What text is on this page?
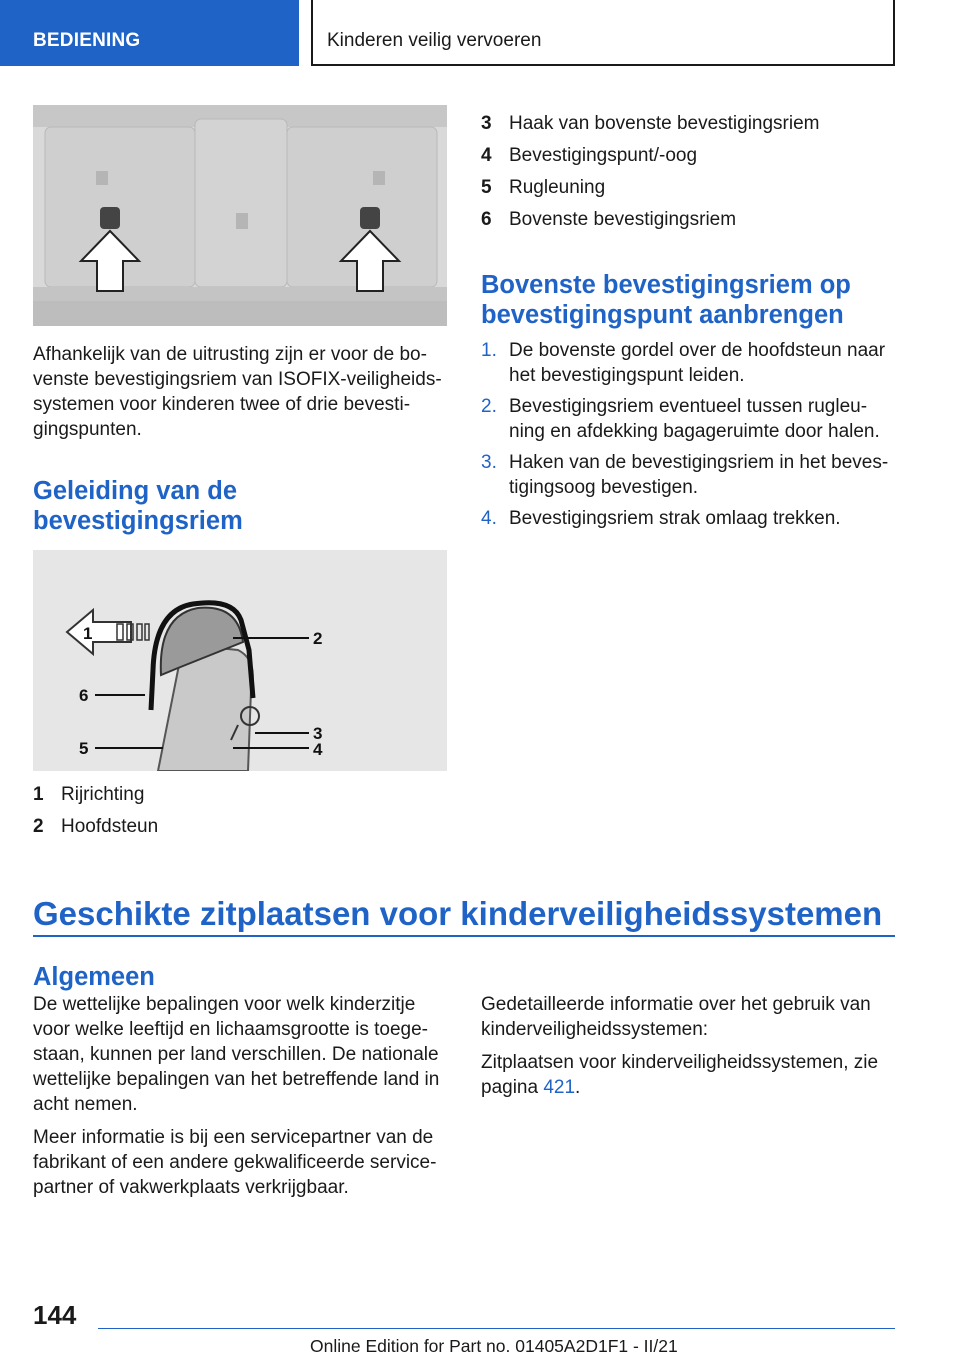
BEDIENING	Kinderen veilig vervoeren

Afhankelijk van de uitrusting zijn er voor de bovenste bevestigingsriem van ISOFIX-veiligheidssystemen voor kinderen twee of drie bevestigingspunten.

Geleiding van de bevestigingsriem
1	2
6
3
5	4
1 Rijrichting
2 Hoofdsteun
3 Haak van bovenste bevestigingsriem
4 Bevestigingspunt/-oog
5 Rugleuning
6 Bovenste bevestigingsriem
Bovenste bevestigingsriem op bevestigingspunt aanbrengen
1. De bovenste gordel over de hoofdsteun naar het bevestigingspunt leiden.
2. Bevestigingsriem eventueel tussen rugleuning en afdekking bagageruimte door halen.
3. Haken van de bevestigingsriem in het bevestigingsoog bevestigen.
4. Bevestigingsriem strak omlaag trekken.
Geschikte zitplaatsen voor kinderveiligheidssystemen
Algemeen

De wettelijke bepalingen voor welk kinderzitje voor welke leeftijd en lichaamsgrootte is toegestaan, kunnen per land verschillen. De nationale wettelijke bepalingen van het betreffende land in acht nemen.

Meer informatie is bij een servicepartner van de fabrikant of een andere gekwalificeerde servicepartner of vakwerkplaats verkrijgbaar.

Gedetailleerde informatie over het gebruik van kinderveiligheidssystemen:

Zitplaatsen voor kinderveiligheidssystemen, zie pagina 421.

144
Online Edition for Part no. 01405A2D1F1 - II/21
